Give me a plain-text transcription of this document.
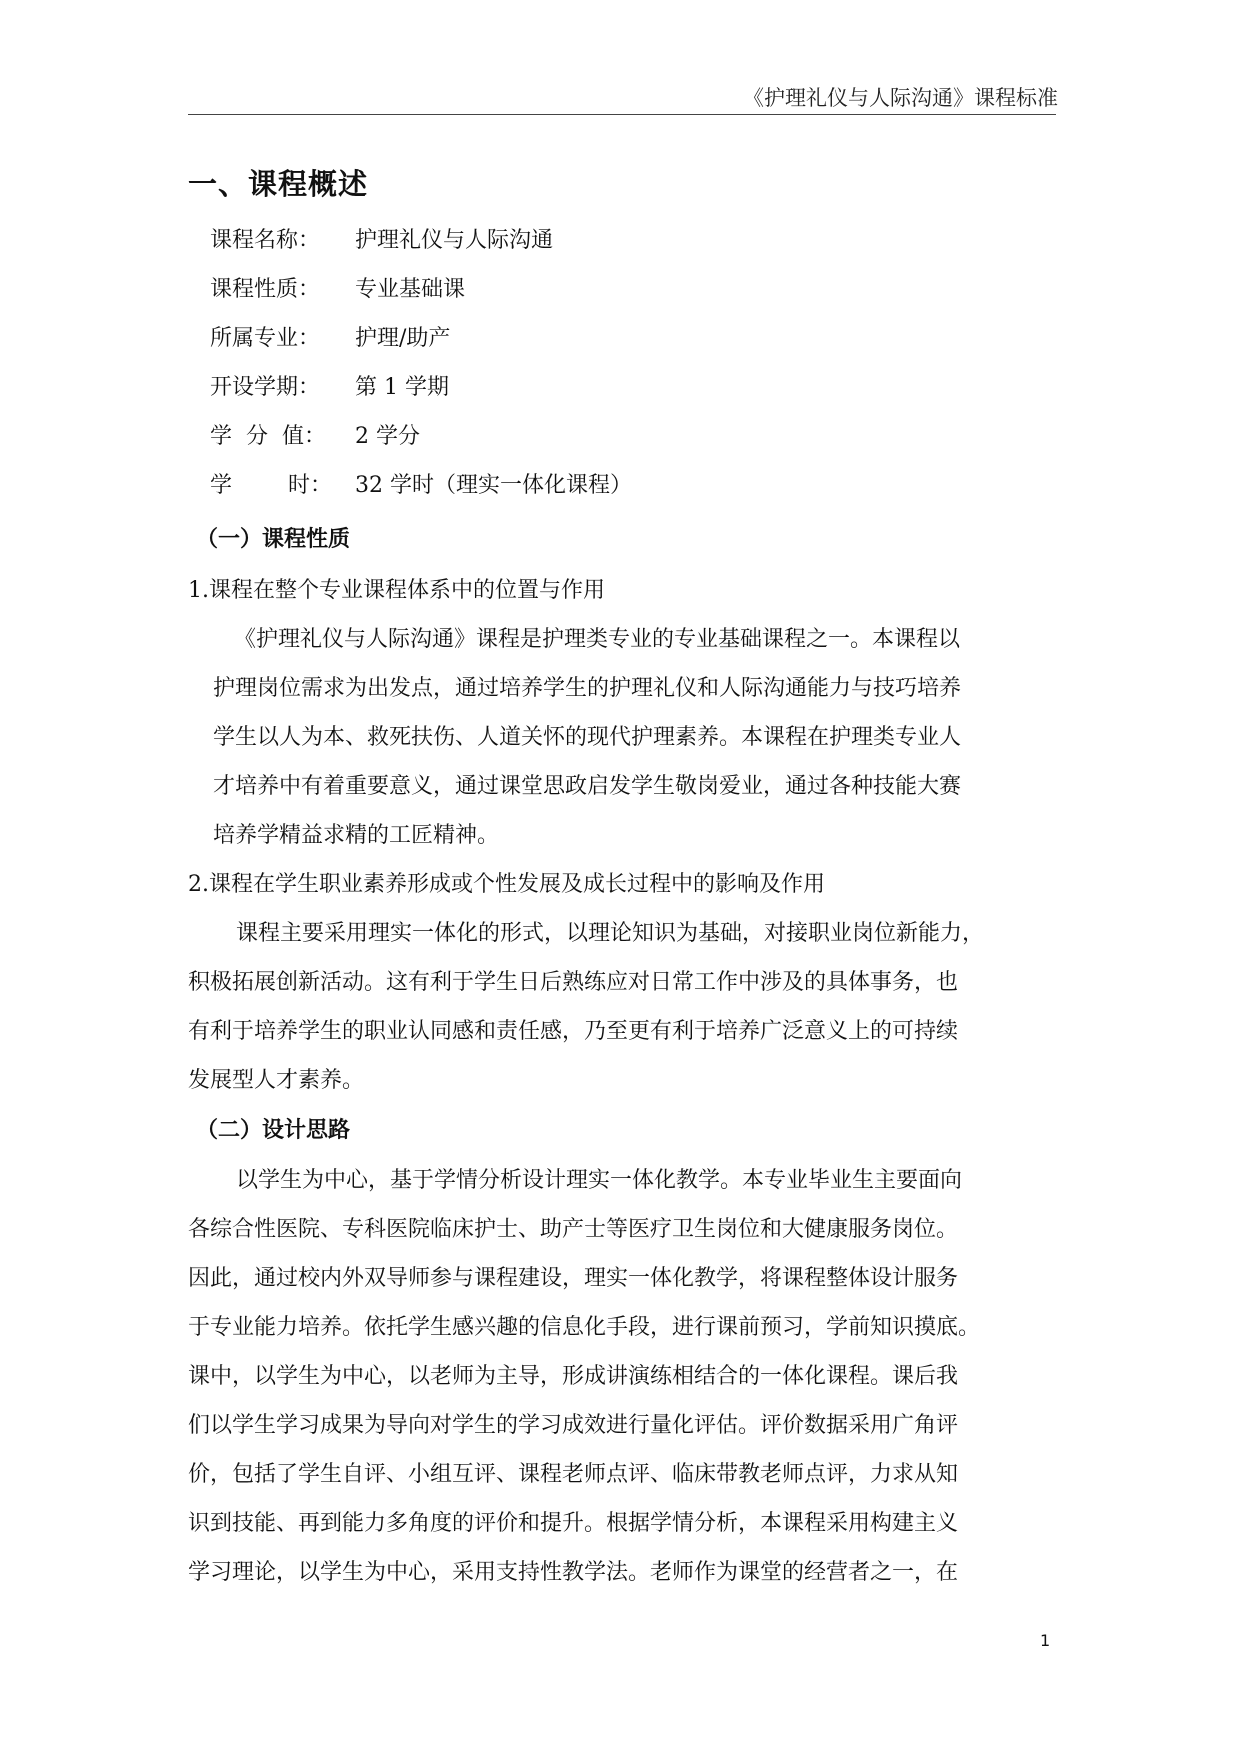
《护理礼仪与人际沟通》课程标准
一、课程概述
课程名称： 护理礼仪与人际沟通
课程性质： 专业基础课
所属专业： 护理/助产
开设学期： 第 1 学期
学  分  值： 2 学分
学        时： 32 学时（理实一体化课程）
（一）课程性质
1.课程在整个专业课程体系中的位置与作用
《护理礼仪与人际沟通》课程是护理类专业的专业基础课程之一。本课程以
护理岗位需求为出发点，通过培养学生的护理礼仪和人际沟通能力与技巧培养
学生以人为本、救死扶伤、人道关怀的现代护理素养。本课程在护理类专业人
才培养中有着重要意义，通过课堂思政启发学生敬岗爱业，通过各种技能大赛
培养学精益求精的工匠精神。
2.课程在学生职业素养形成或个性发展及成长过程中的影响及作用
课程主要采用理实一体化的形式，以理论知识为基础，对接职业岗位新能力，
积极拓展创新活动。这有利于学生日后熟练应对日常工作中涉及的具体事务，也
有利于培养学生的职业认同感和责任感，乃至更有利于培养广泛意义上的可持续
发展型人才素养。
（二）设计思路
以学生为中心，基于学情分析设计理实一体化教学。本专业毕业生主要面向
各综合性医院、专科医院临床护士、助产士等医疗卫生岗位和大健康服务岗位。
因此，通过校内外双导师参与课程建设，理实一体化教学，将课程整体设计服务
于专业能力培养。依托学生感兴趣的信息化手段，进行课前预习，学前知识摸底。
课中，以学生为中心，以老师为主导，形成讲演练相结合的一体化课程。课后我
们以学生学习成果为导向对学生的学习成效进行量化评估。评价数据采用广角评
价，包括了学生自评、小组互评、课程老师点评、临床带教老师点评，力求从知
识到技能、再到能力多角度的评价和提升。根据学情分析，本课程采用构建主义
学习理论，以学生为中心，采用支持性教学法。老师作为课堂的经营者之一，在
1
